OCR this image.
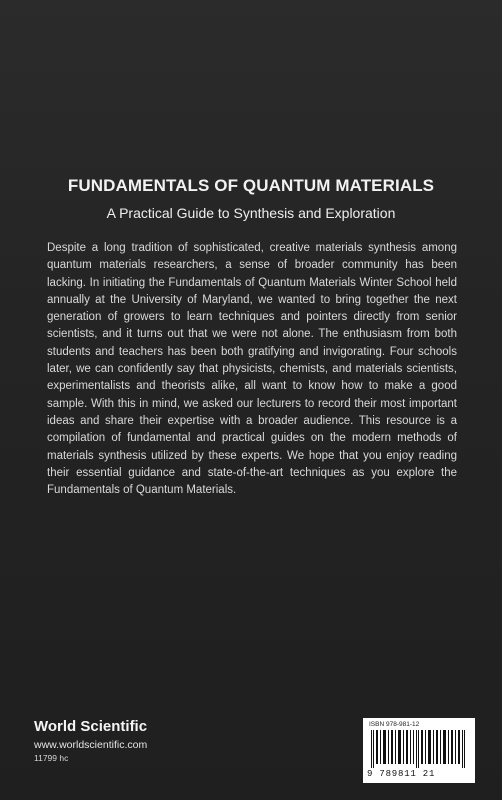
FUNDAMENTALS OF QUANTUM MATERIALS
A Practical Guide to Synthesis and Exploration
Despite a long tradition of sophisticated, creative materials synthesis among quantum materials researchers, a sense of broader community has been lacking. In initiating the Fundamentals of Quantum Materials Winter School held annually at the University of Maryland, we wanted to bring together the next generation of growers to learn techniques and pointers directly from senior scientists, and it turns out that we were not alone. The enthusiasm from both students and teachers has been both gratifying and invigorating. Four schools later, we can confidently say that physicists, chemists, and materials scientists, experimentalists and theorists alike, all want to know how to make a good sample. With this in mind, we asked our lecturers to record their most important ideas and share their expertise with a broader audience. This resource is a compilation of fundamental and practical guides on the modern methods of materials synthesis utilized by these experts. We hope that you enjoy reading their essential guidance and state-of-the-art techniques as you explore the Fundamentals of Quantum Materials.
World Scientific
www.worldscientific.com
11799 hc
ISBN 978-981-12
9 789811 21
